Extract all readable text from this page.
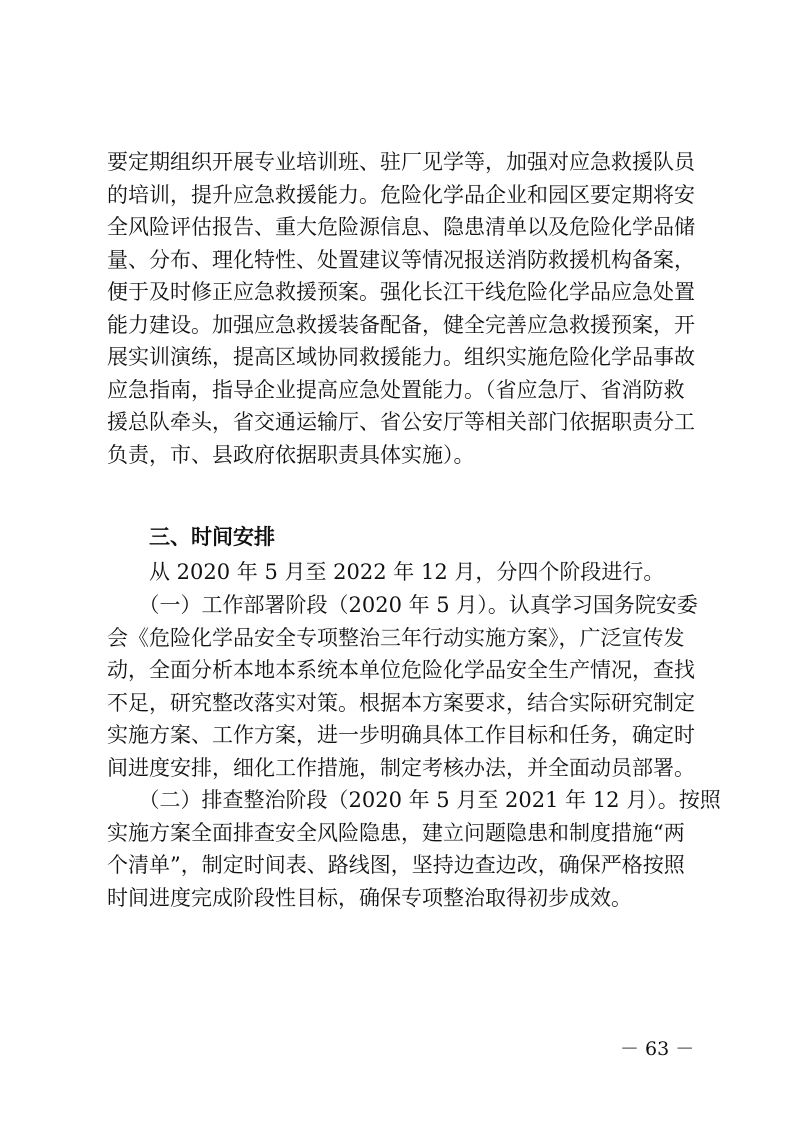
要定期组织开展专业培训班、驻厂见学等，加强对应急救援队员
的培训，提升应急救援能力。危险化学品企业和园区要定期将安
全风险评估报告、重大危险源信息、隐患清单以及危险化学品储
量、分布、理化特性、处置建议等情况报送消防救援机构备案，
便于及时修正应急救援预案。强化长江干线危险化学品应急处置
能力建设。加强应急救援装备配备，健全完善应急救援预案，开
展实训演练，提高区域协同救援能力。组织实施危险化学品事故
应急指南，指导企业提高应急处置能力。（省应急厅、省消防救
援总队牵头，省交通运输厅、省公安厅等相关部门依据职责分工
负责，市、县政府依据职责具体实施）。
三、时间安排
　　从 2020 年 5 月至 2022 年 12 月，分四个阶段进行。
　　（一）工作部署阶段（2020 年 5 月）。认真学习国务院安委
会《危险化学品安全专项整治三年行动实施方案》，广泛宣传发
动，全面分析本地本系统本单位危险化学品安全生产情况，查找
不足，研究整改落实对策。根据本方案要求，结合实际研究制定
实施方案、工作方案，进一步明确具体工作目标和任务，确定时
间进度安排，细化工作措施，制定考核办法，并全面动员部署。
　　（二）排查整治阶段（2020 年 5 月至 2021 年 12 月）。按照
实施方案全面排查安全风险隐患，建立问题隐患和制度措施“两
个清单”，制定时间表、路线图，坚持边查边改，确保严格按照
时间进度完成阶段性目标，确保专项整治取得初步成效。
－ 63 －
